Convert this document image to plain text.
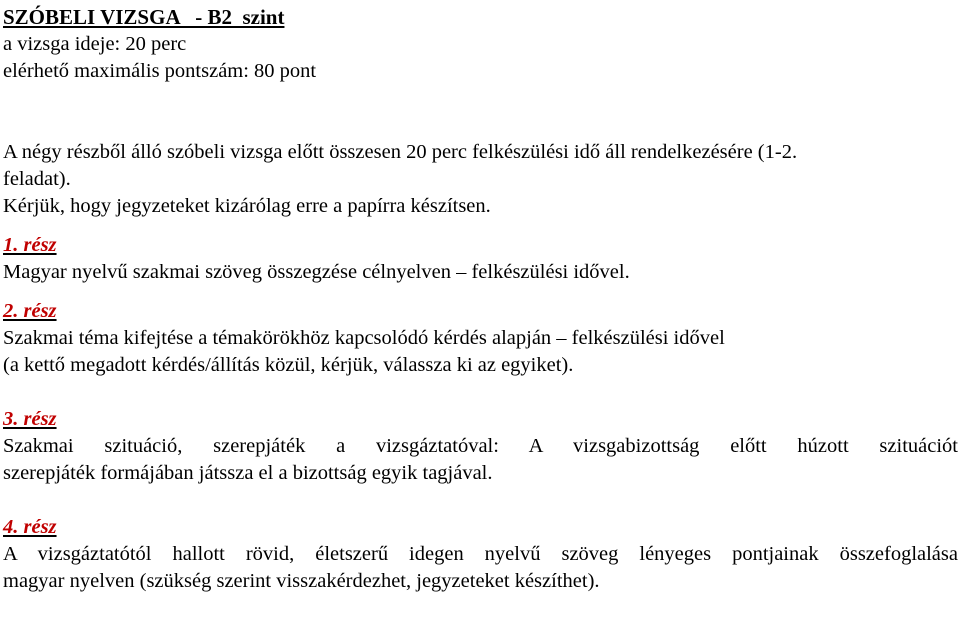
SZÓBELI VIZSGA   - B2  szint
a vizsga ideje: 20 perc
elérhető maximális pontszám: 80 pont
A négy részből álló szóbeli vizsga előtt összesen 20 perc felkészülési idő áll rendelkezésére (1-2.
feladat).
Kérjük, hogy jegyzeteket kizárólag erre a papírra készítsen.
1. rész
Magyar nyelvű szakmai szöveg összegzése célnyelven – felkészülési idővel.
2. rész
Szakmai téma kifejtése a témakörökhöz kapcsolódó kérdés alapján – felkészülési idővel
(a kettő megadott kérdés/állítás közül, kérjük, válassza ki az egyiket).
3. rész
Szakmai szituáció, szerepjáték a vizsgáztatóval: A vizsgabizottság előtt húzott szituációt
szerepjáték formájában játssza el a bizottság egyik tagjával.
4. rész
A vizsgáztatótól hallott rövid, életszerű idegen nyelvű szöveg lényeges pontjainak összefoglalása
magyar nyelven (szükség szerint visszakérdezhet, jegyzeteket készíthet).
